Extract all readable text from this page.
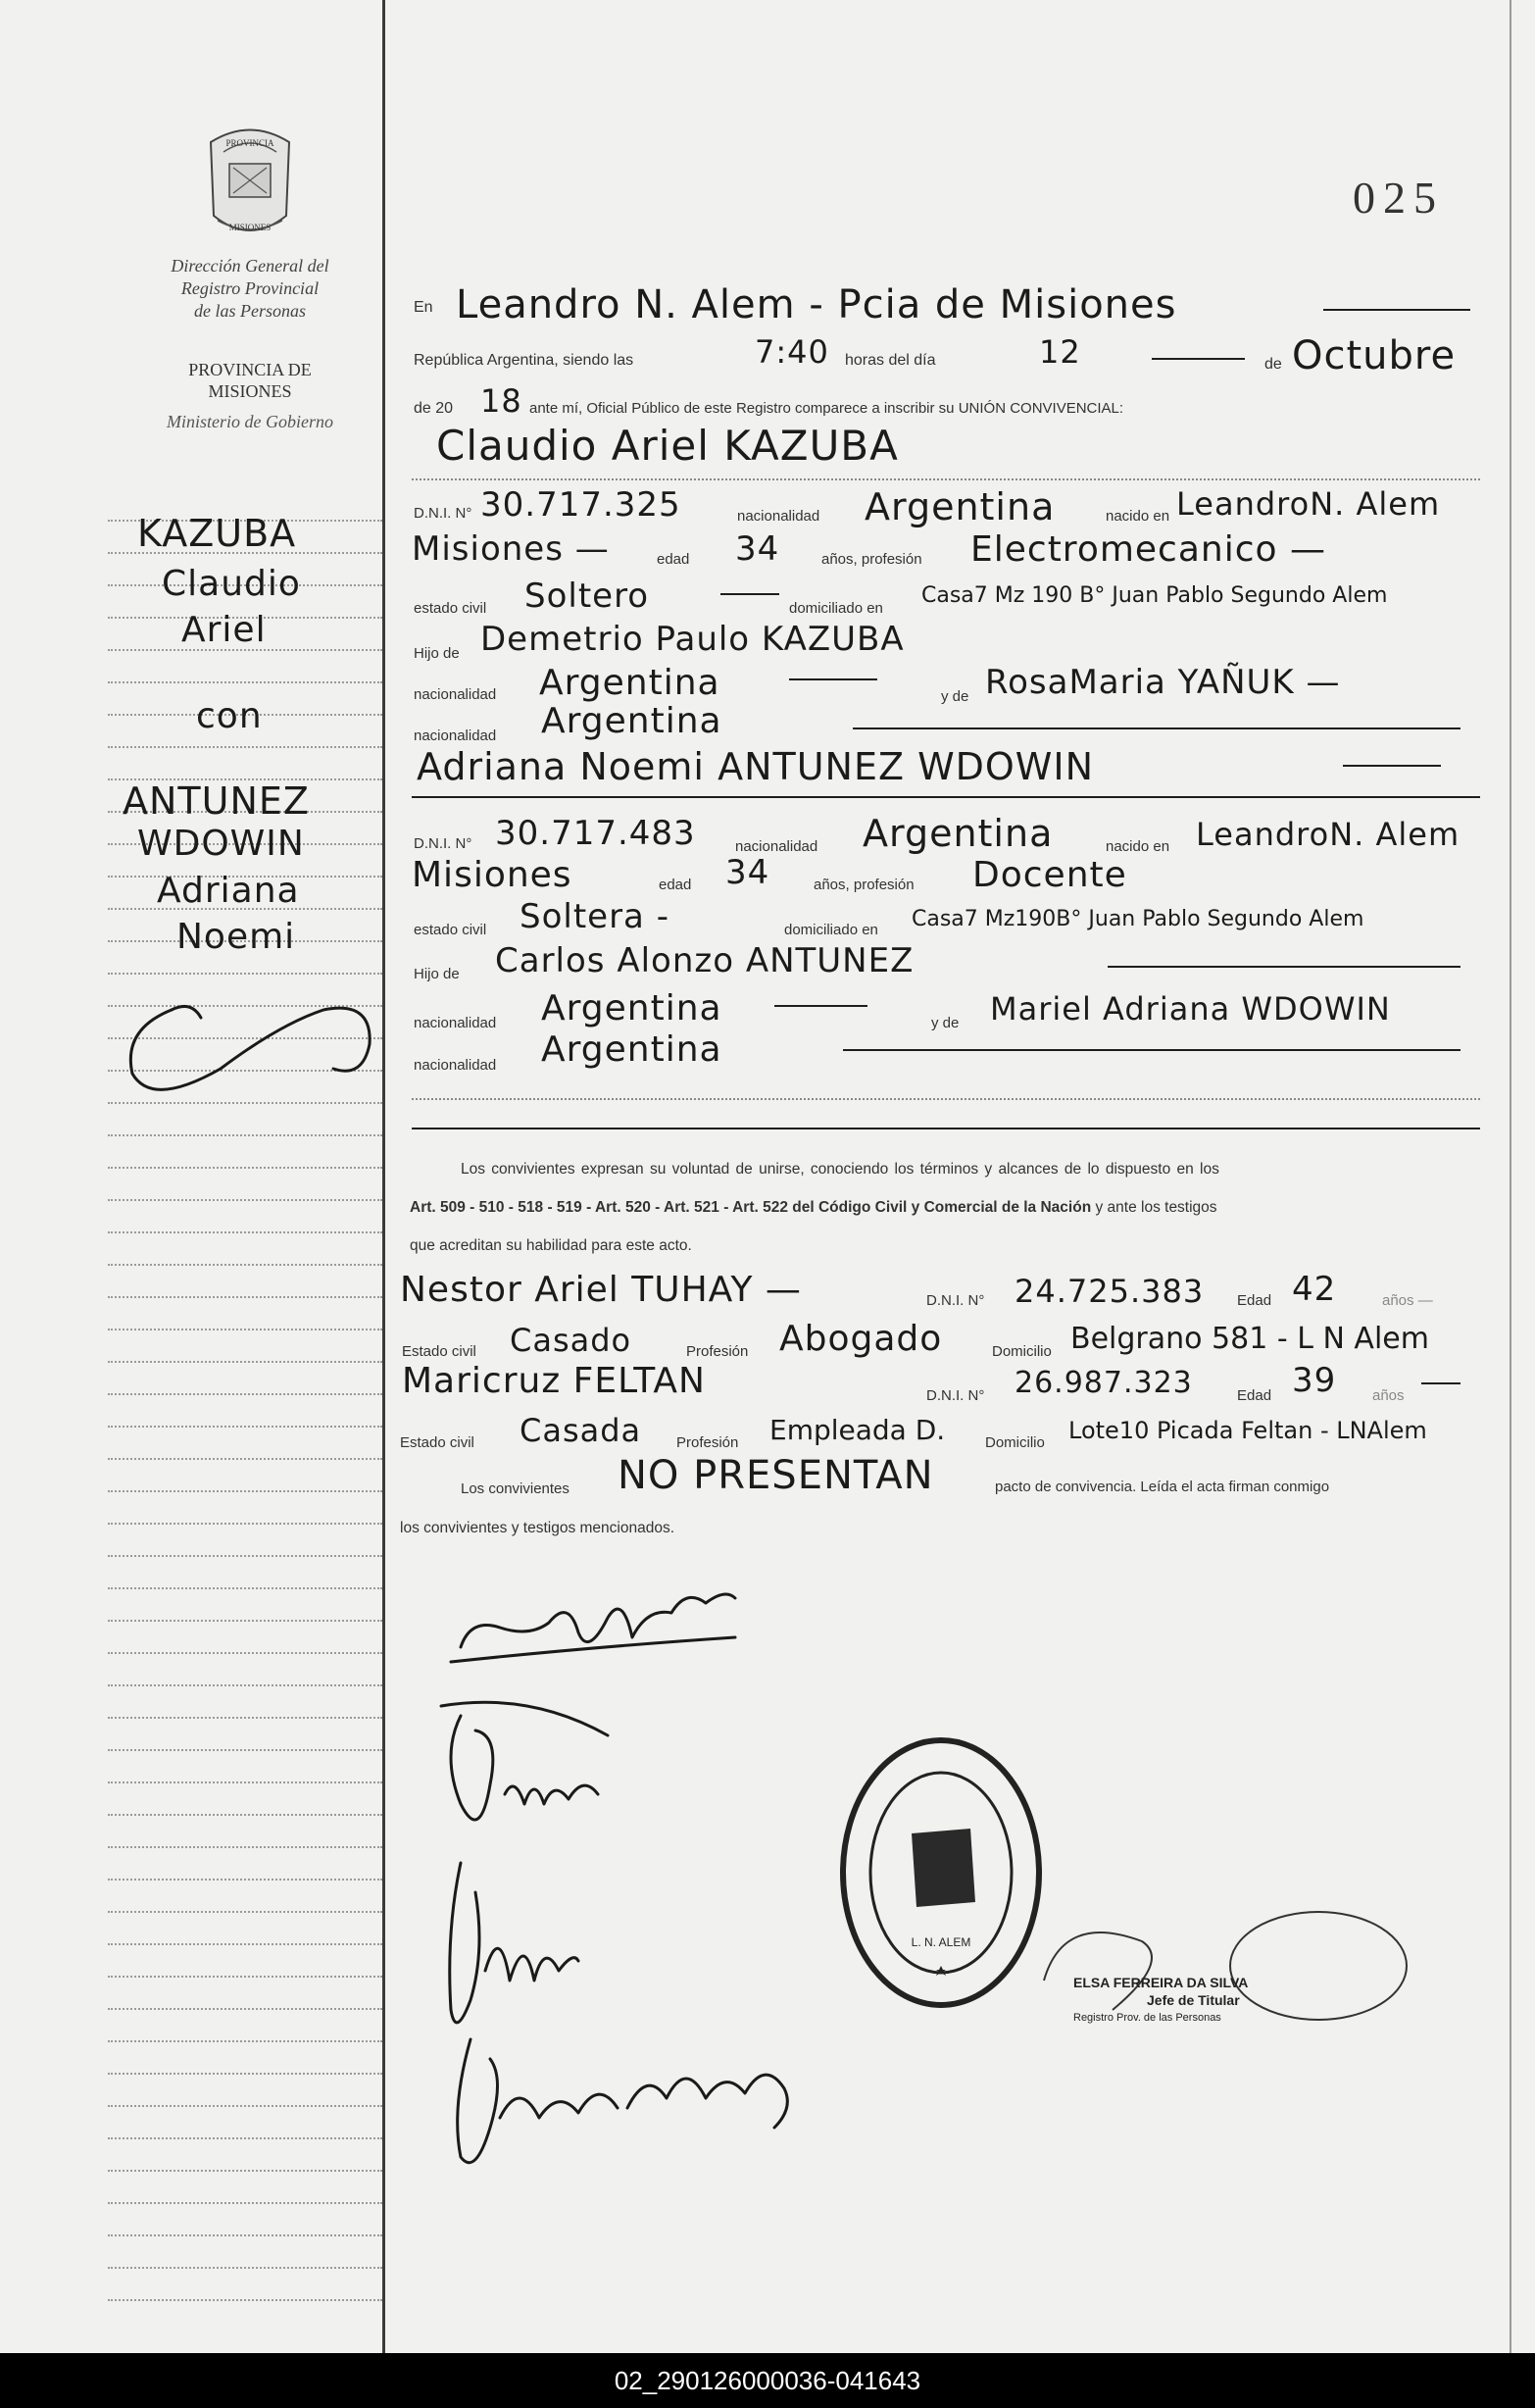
PROVINCIA
MISIONES
Dirección General del
Registro Provincial
de las Personas
PROVINCIA DE
MISIONES
Ministerio de Gobierno
KAZUBA
Claudio
Ariel
con
ANTUNEZ
WDOWIN
Adriana
Noemi
025
En Leandro N. Alem - Pcia de Misiones
República Argentina, siendo las	7:40 horas del día	12	de Octubre
de 20 18 ante mí, Oficial Público de este Registro comparece a inscribir su UNIÓN CONVIVENCIAL:
Claudio Ariel KAZUBA
D.N.I. N° 30.717.325	nacionalidad Argentina	nacido en LeandroN. Alem
Misiones —	edad 34	años, profesión Electromecanico —
estado civil Soltero	domiciliado en
Casa7 Mz 190 B° Juan Pablo Segundo Alem
Hijo de Demetrio Paulo KAZUBA
nacionalidad Argentina	y de RosaMaria YAÑUK —
nacionalidad Argentina
Adriana Noemi ANTUNEZ WDOWIN
D.N.I. N° 30.717.483	nacionalidad Argentina	nacido en LeandroN. Alem
Misiones	edad 34	años, profesión Docente
estado civil Soltera -	domiciliado en Casa7 Mz190B° Juan Pablo Segundo Alem
Hijo de Carlos Alonzo ANTUNEZ
nacionalidad Argentina	y de Mariel Adriana WDOWIN
nacionalidad Argentina
Los convivientes expresan su voluntad de unirse, conociendo los términos y alcances de lo dispuesto en los
Art. 509 - 510 - 518 - 519 - Art. 520 - Art. 521 - Art. 522 del Código Civil y Comercial de la Nación y ante los testigos
que acreditan su habilidad para este acto.
Nestor Ariel TUHAY —	D.N.I. N° 24.725.383 Edad 42	años —
Estado civil Casado	Profesión Abogado	Domicilio Belgrano 581 - L N Alem
Maricruz FELTAN	D.N.I. N° 26.987.323	Edad 39 años
Estado civil Casada Profesión Empleada D.	Domicilio Lote10 Picada Feltan - LNAlem
Los convivientes NO PRESENTAN	pacto de convivencia. Leída el acta firman conmigo
los convivientes y testigos mencionados.
L. N. ALEM
ELSA FERREIRA DA SILVA
Jefe de Titular
Registro Prov. de las Personas
02_290126000036-041643
